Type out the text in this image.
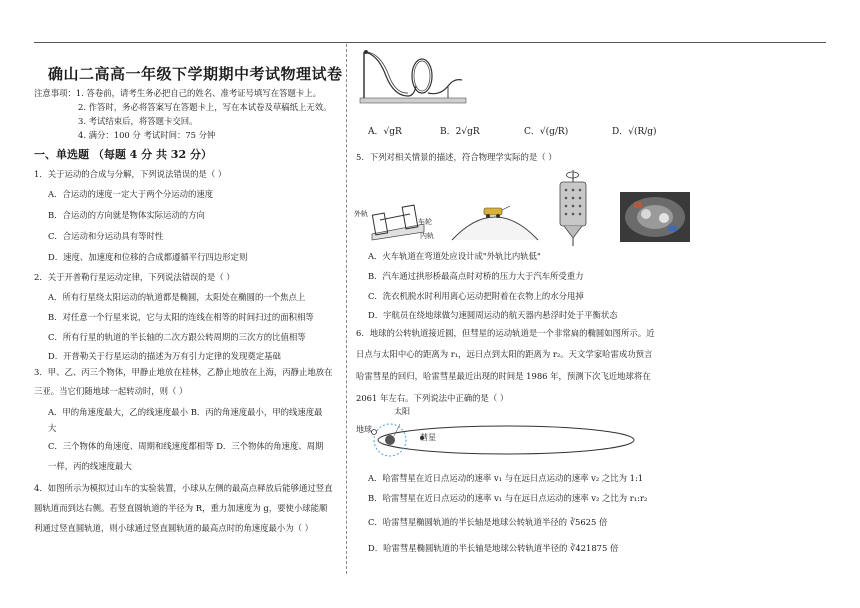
确山二高高一年级下学期期中考试物理试卷
注意事项：1. 答卷前，请考生务必把自己的姓名、准考证号填写在答题卡上。
2. 作答时，务必将答案写在答题卡上，写在本试卷及草稿纸上无效。
3. 考试结束后，将答题卡交回。
4. 满分：100 分 考试时间：75 分钟
一、单选题 （每题 4 分 共 32 分）
1．关于运动的合成与分解，下列说法错误的是（ ）
A．合运动的速度一定大于两个分运动的速度
B．合运动的方向就是物体实际运动的方向
C．合运动和分运动具有等时性
D．速度、加速度和位移的合成都遵循平行四边形定则
2．关于开普勒行星运动定律，下列说法错误的是（ ）
A．所有行星绕太阳运动的轨道都是椭圆，太阳处在椭圆的一个焦点上
B．对任意一个行星来说，它与太阳的连线在相等的时间扫过的面积相等
C．所有行星的轨道的半长轴的二次方跟公转周期的三次方的比值相等
D．开普勒关于行星运动的描述为万有引力定律的发现奠定基础
3．甲、乙、丙三个物体，甲静止地放在桂林，乙静止地放在上海，丙静止地放在
三亚。当它们随地球一起转动时，则（ ）
A．甲的角速度最大，乙的线速度最小 B．丙的角速度最小，甲的线速度最
大
C．三个物体的角速度、周期和线速度都相等 D．三个物体的角速度、周期
一样，丙的线速度最大
4．如图所示为模拟过山车的实验装置，小球从左侧的最高点释放后能够通过竖直
圆轨道而到达右侧。若竖直圆轨道的半径为 R，重力加速度为 g，要使小球能顺
利通过竖直圆轨道，则小球通过竖直圆轨道的最高点时的角速度最小为（ ）
A．√gR	B．2√gR	C．√(g/R)	D．√(R/g)
5．下列对相关情景的描述，符合物理学实际的是（ ）
外轨
车轮
内轨
A．火车轨道在弯道处应设计成"外轨比内轨低"
B．汽车通过拱形桥最高点时对桥的压力大于汽车所受重力
C．洗衣机脱水时利用离心运动把附着在衣物上的水分甩掉
D．宇航员在绕地球做匀速圆周运动的航天器内悬浮时处于平衡状态
6．地球的公转轨道接近圆，但彗星的运动轨道是一个非常扁的椭圆如图所示。近
日点与太阳中心的距离为 r₁，远日点到太阳的距离为 r₂。天文学家哈雷成功预言
哈雷彗星的回归，哈雷彗星最近出现的时间是 1986 年，预测下次飞近地球将在
2061 年左右。下列说法中正确的是（ ）
太阳
地球
彗星
A．哈雷彗星在近日点运动的速率 v₁ 与在远日点运动的速率 v₂ 之比为 1:1
B．哈雷彗星在近日点运动的速率 v₁ 与在远日点运动的速率 v₂ 之比为 r₁:r₂
C．哈雷彗星椭圆轨道的半长轴是地球公转轨道半径的 ∛5625 倍
D．哈雷彗星椭圆轨道的半长轴是地球公转轨道半径的 ∛421875 倍
